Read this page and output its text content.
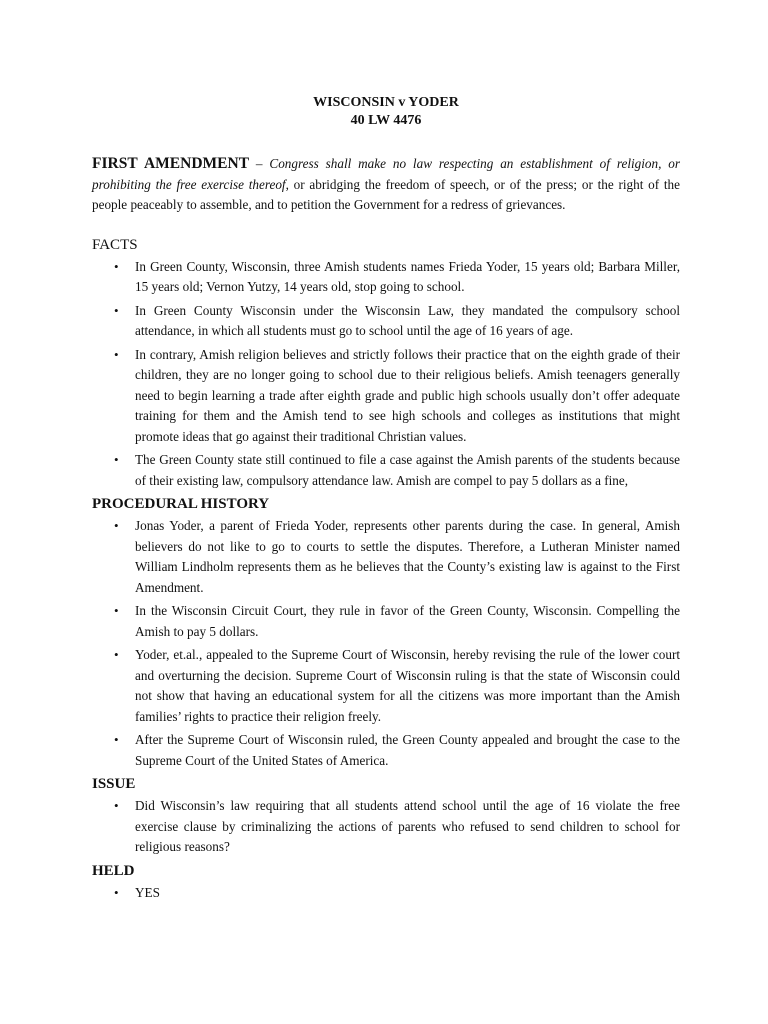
WISCONSIN v YODER
40 LW 4476

FIRST AMENDMENT – Congress shall make no law respecting an establishment of religion, or prohibiting the free exercise thereof, or abridging the freedom of speech, or of the press; or the right of the people peaceably to assemble, and to petition the Government for a redress of grievances.

FACTS
• In Green County, Wisconsin, three Amish students names Frieda Yoder, 15 years old; Barbara Miller, 15 years old; Vernon Yutzy, 14 years old, stop going to school.
• In Green County Wisconsin under the Wisconsin Law, they mandated the compulsory school attendance, in which all students must go to school until the age of 16 years of age.
• In contrary, Amish religion believes and strictly follows their practice that on the eighth grade of their children, they are no longer going to school due to their religious beliefs. Amish teenagers generally need to begin learning a trade after eighth grade and public high schools usually don’t offer adequate training for them and the Amish tend to see high schools and colleges as institutions that might promote ideas that go against their traditional Christian values.
• The Green County state still continued to file a case against the Amish parents of the students because of their existing law, compulsory attendance law. Amish are compel to pay 5 dollars as a fine,
PROCEDURAL HISTORY
• Jonas Yoder, a parent of Frieda Yoder, represents other parents during the case. In general, Amish believers do not like to go to courts to settle the disputes. Therefore, a Lutheran Minister named William Lindholm represents them as he believes that the County’s existing law is against to the First Amendment.
• In the Wisconsin Circuit Court, they rule in favor of the Green County, Wisconsin. Compelling the Amish to pay 5 dollars.
• Yoder, et.al., appealed to the Supreme Court of Wisconsin, hereby revising the rule of the lower court and overturning the decision. Supreme Court of Wisconsin ruling is that the state of Wisconsin could not show that having an educational system for all the citizens was more important than the Amish families’ rights to practice their religion freely.
• After the Supreme Court of Wisconsin ruled, the Green County appealed and brought the case to the Supreme Court of the United States of America.
ISSUE
• Did Wisconsin’s law requiring that all students attend school until the age of 16 violate the free exercise clause by criminalizing the actions of parents who refused to send children to school for religious reasons?
HELD
• YES
